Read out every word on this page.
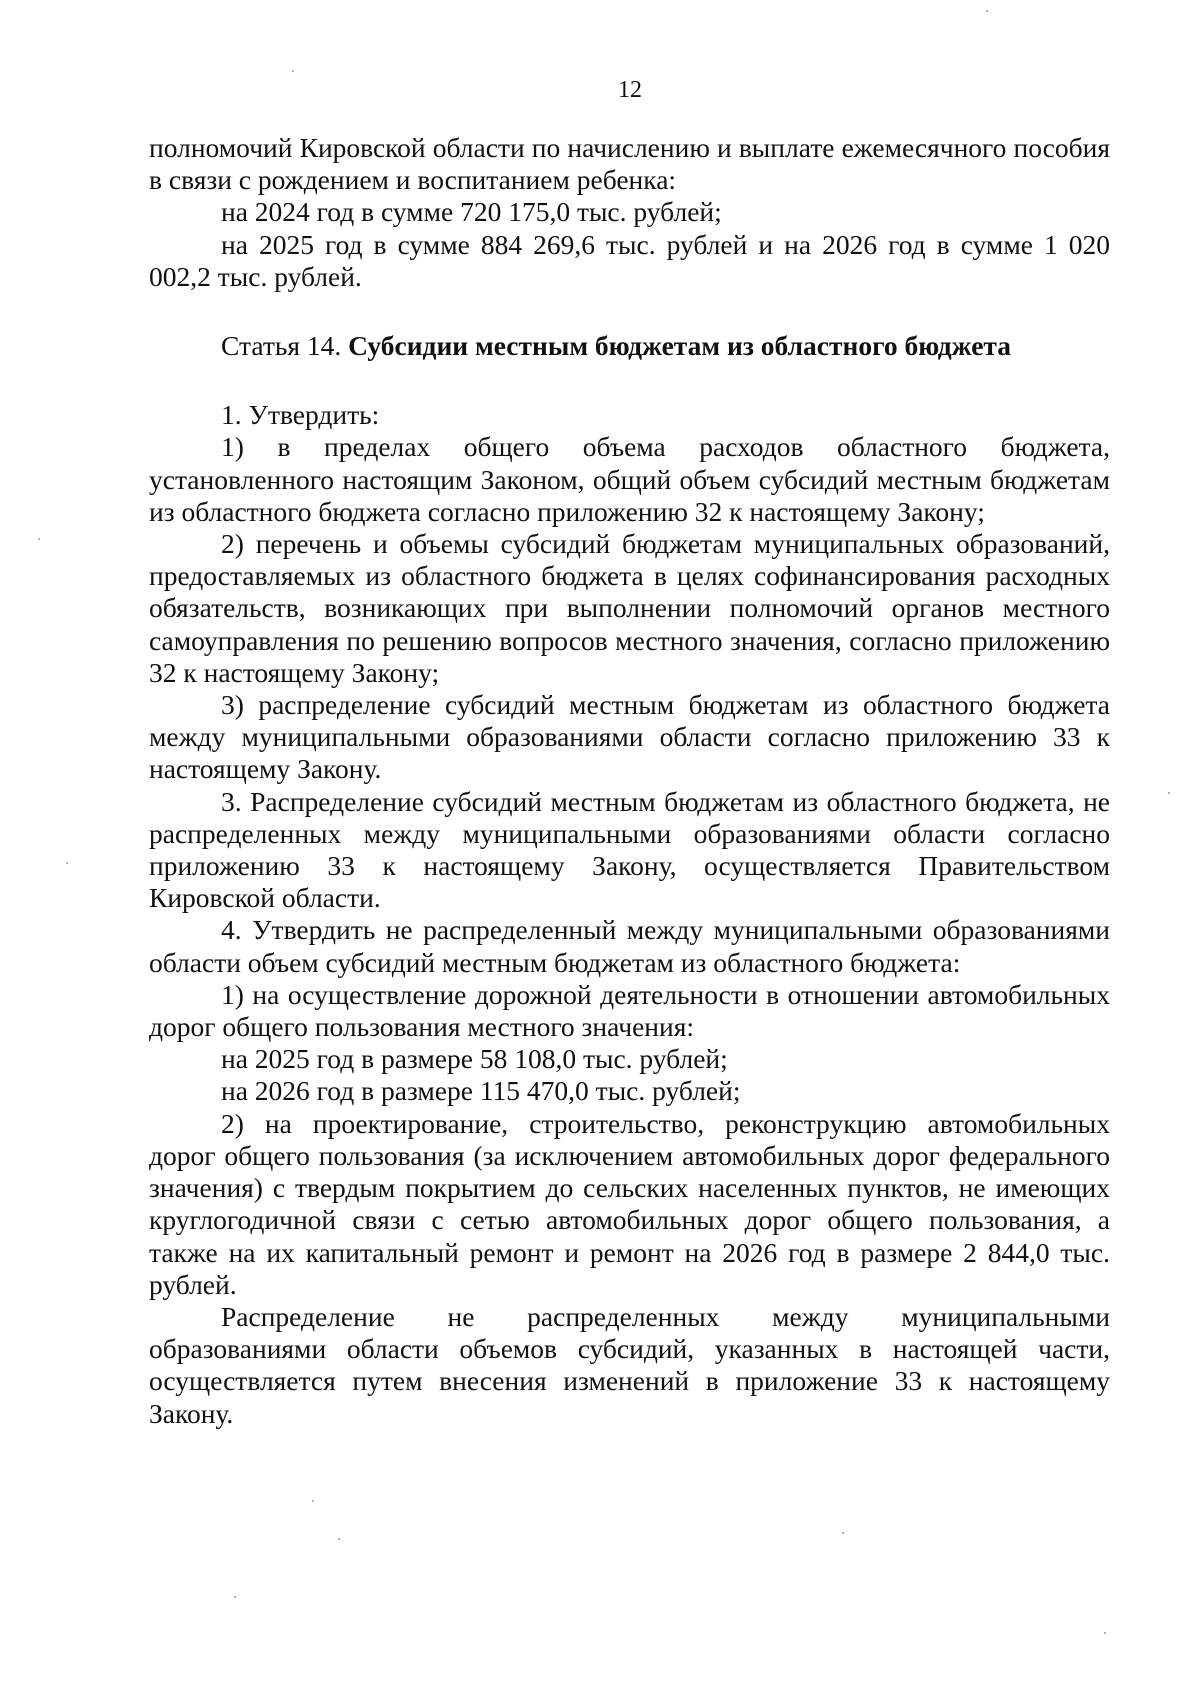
12

полномочий Кировской области по начислению и выплате ежемесячного пособия в связи с рождением и воспитанием ребенка:

на 2024 год в сумме 720 175,0 тыс. рублей;

на 2025 год в сумме 884 269,6 тыс. рублей и на 2026 год в сумме 1 020 002,2 тыс. рублей.

Статья 14. Субсидии местным бюджетам из областного бюджета

1. Утвердить:

1) в пределах общего объема расходов областного бюджета, установленного настоящим Законом, общий объем субсидий местным бюджетам из областного бюджета согласно приложению 32 к настоящему Закону;

2) перечень и объемы субсидий бюджетам муниципальных образований, предоставляемых из областного бюджета в целях софинансирования расходных обязательств, возникающих при выполнении полномочий органов местного самоуправления по решению вопросов местного значения, согласно приложению 32 к настоящему Закону;

3) распределение субсидий местным бюджетам из областного бюджета между муниципальными образованиями области согласно приложению 33 к настоящему Закону.

3. Распределение субсидий местным бюджетам из областного бюджета, не распределенных между муниципальными образованиями области согласно приложению 33 к настоящему Закону, осуществляется Правительством Кировской области.

4. Утвердить не распределенный между муниципальными образованиями области объем субсидий местным бюджетам из областного бюджета:

1) на осуществление дорожной деятельности в отношении автомобильных дорог общего пользования местного значения:

на 2025 год в размере 58 108,0 тыс. рублей;

на 2026 год в размере 115 470,0 тыс. рублей;

2) на проектирование, строительство, реконструкцию автомобильных дорог общего пользования (за исключением автомобильных дорог федерального значения) с твердым покрытием до сельских населенных пунктов, не имеющих круглогодичной связи с сетью автомобильных дорог общего пользования, а также на их капитальный ремонт и ремонт на 2026 год в размере 2 844,0 тыс. рублей.

Распределение не распределенных между муниципальными образованиями области объемов субсидий, указанных в настоящей части, осуществляется путем внесения изменений в приложение 33 к настоящему Закону.
